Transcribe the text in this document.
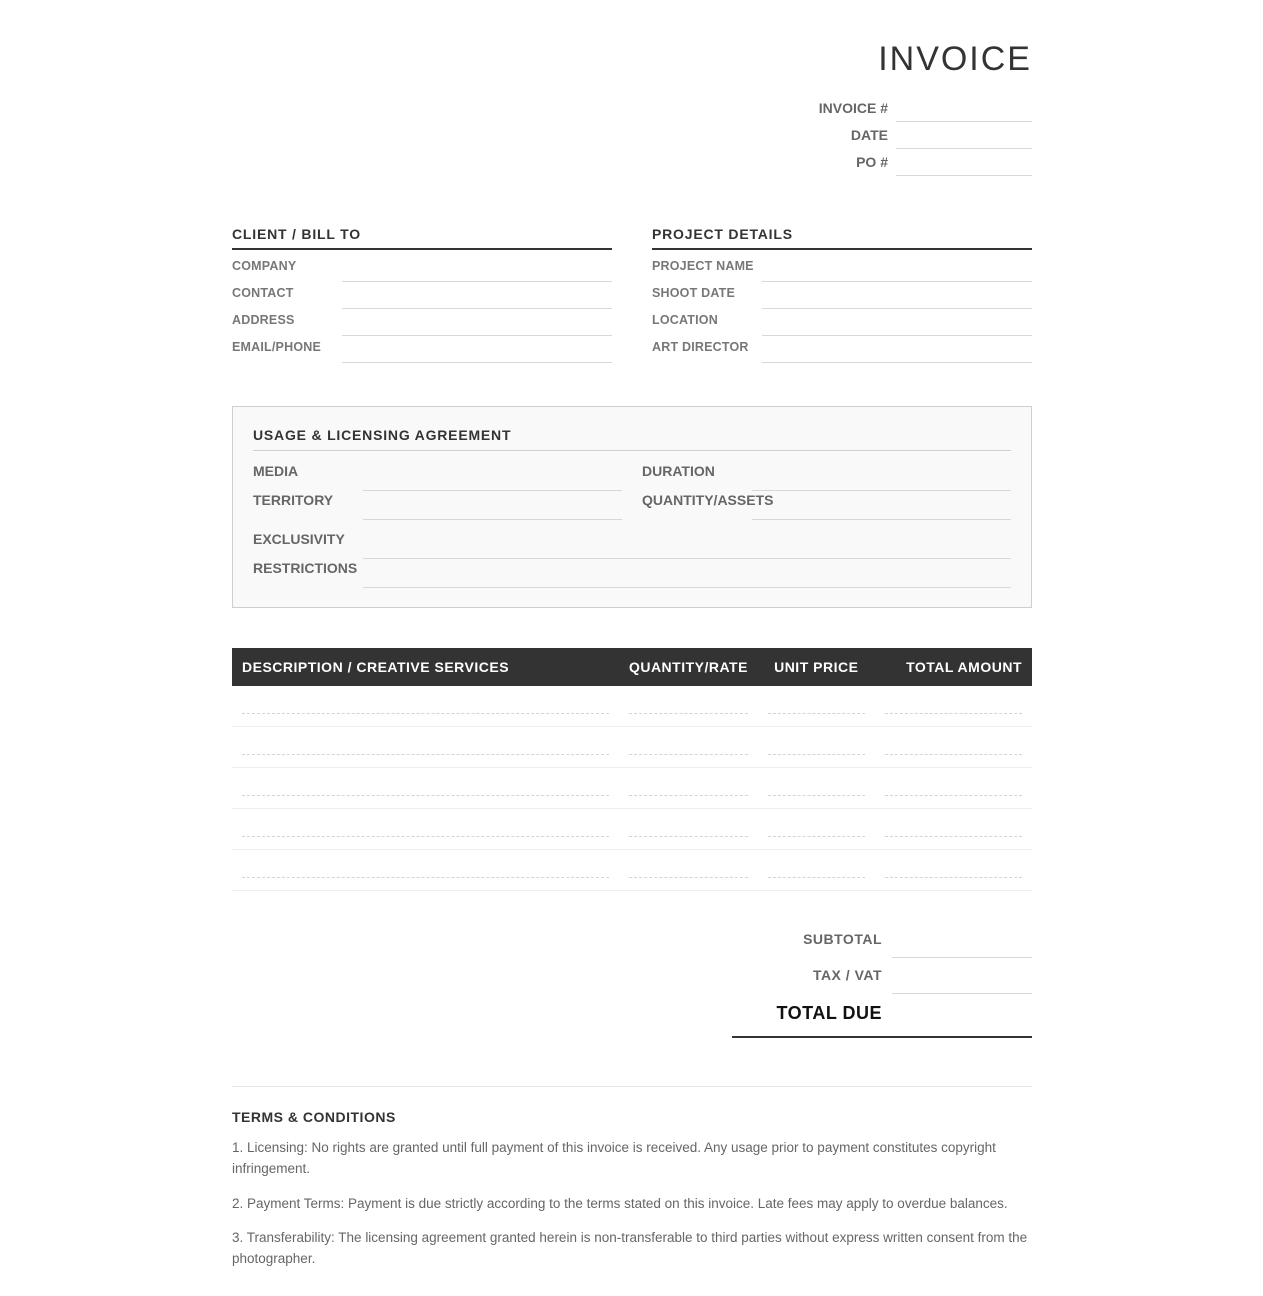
INVOICE
INVOICE #
DATE
PO #
CLIENT / BILL TO
COMPANY
CONTACT
ADDRESS
EMAIL/PHONE
PROJECT DETAILS
PROJECT NAME
SHOOT DATE
LOCATION
ART DIRECTOR
USAGE & LICENSING AGREEMENT
MEDIA	DURATION
TERRITORY	QUANTITY/ASSETS
EXCLUSIVITY
RESTRICTIONS
DESCRIPTION / CREATIVE SERVICES	QUANTITY/RATE	UNIT PRICE	TOTAL AMOUNT

SUBTOTAL
TAX / VAT
TOTAL DUE
TERMS & CONDITIONS

1. Licensing: No rights are granted until full payment of this invoice is received. Any usage prior to payment constitutes copyright infringement.

2. Payment Terms: Payment is due strictly according to the terms stated on this invoice. Late fees may apply to overdue balances.

3. Transferability: The licensing agreement granted herein is non-transferable to third parties without express written consent from the photographer.
